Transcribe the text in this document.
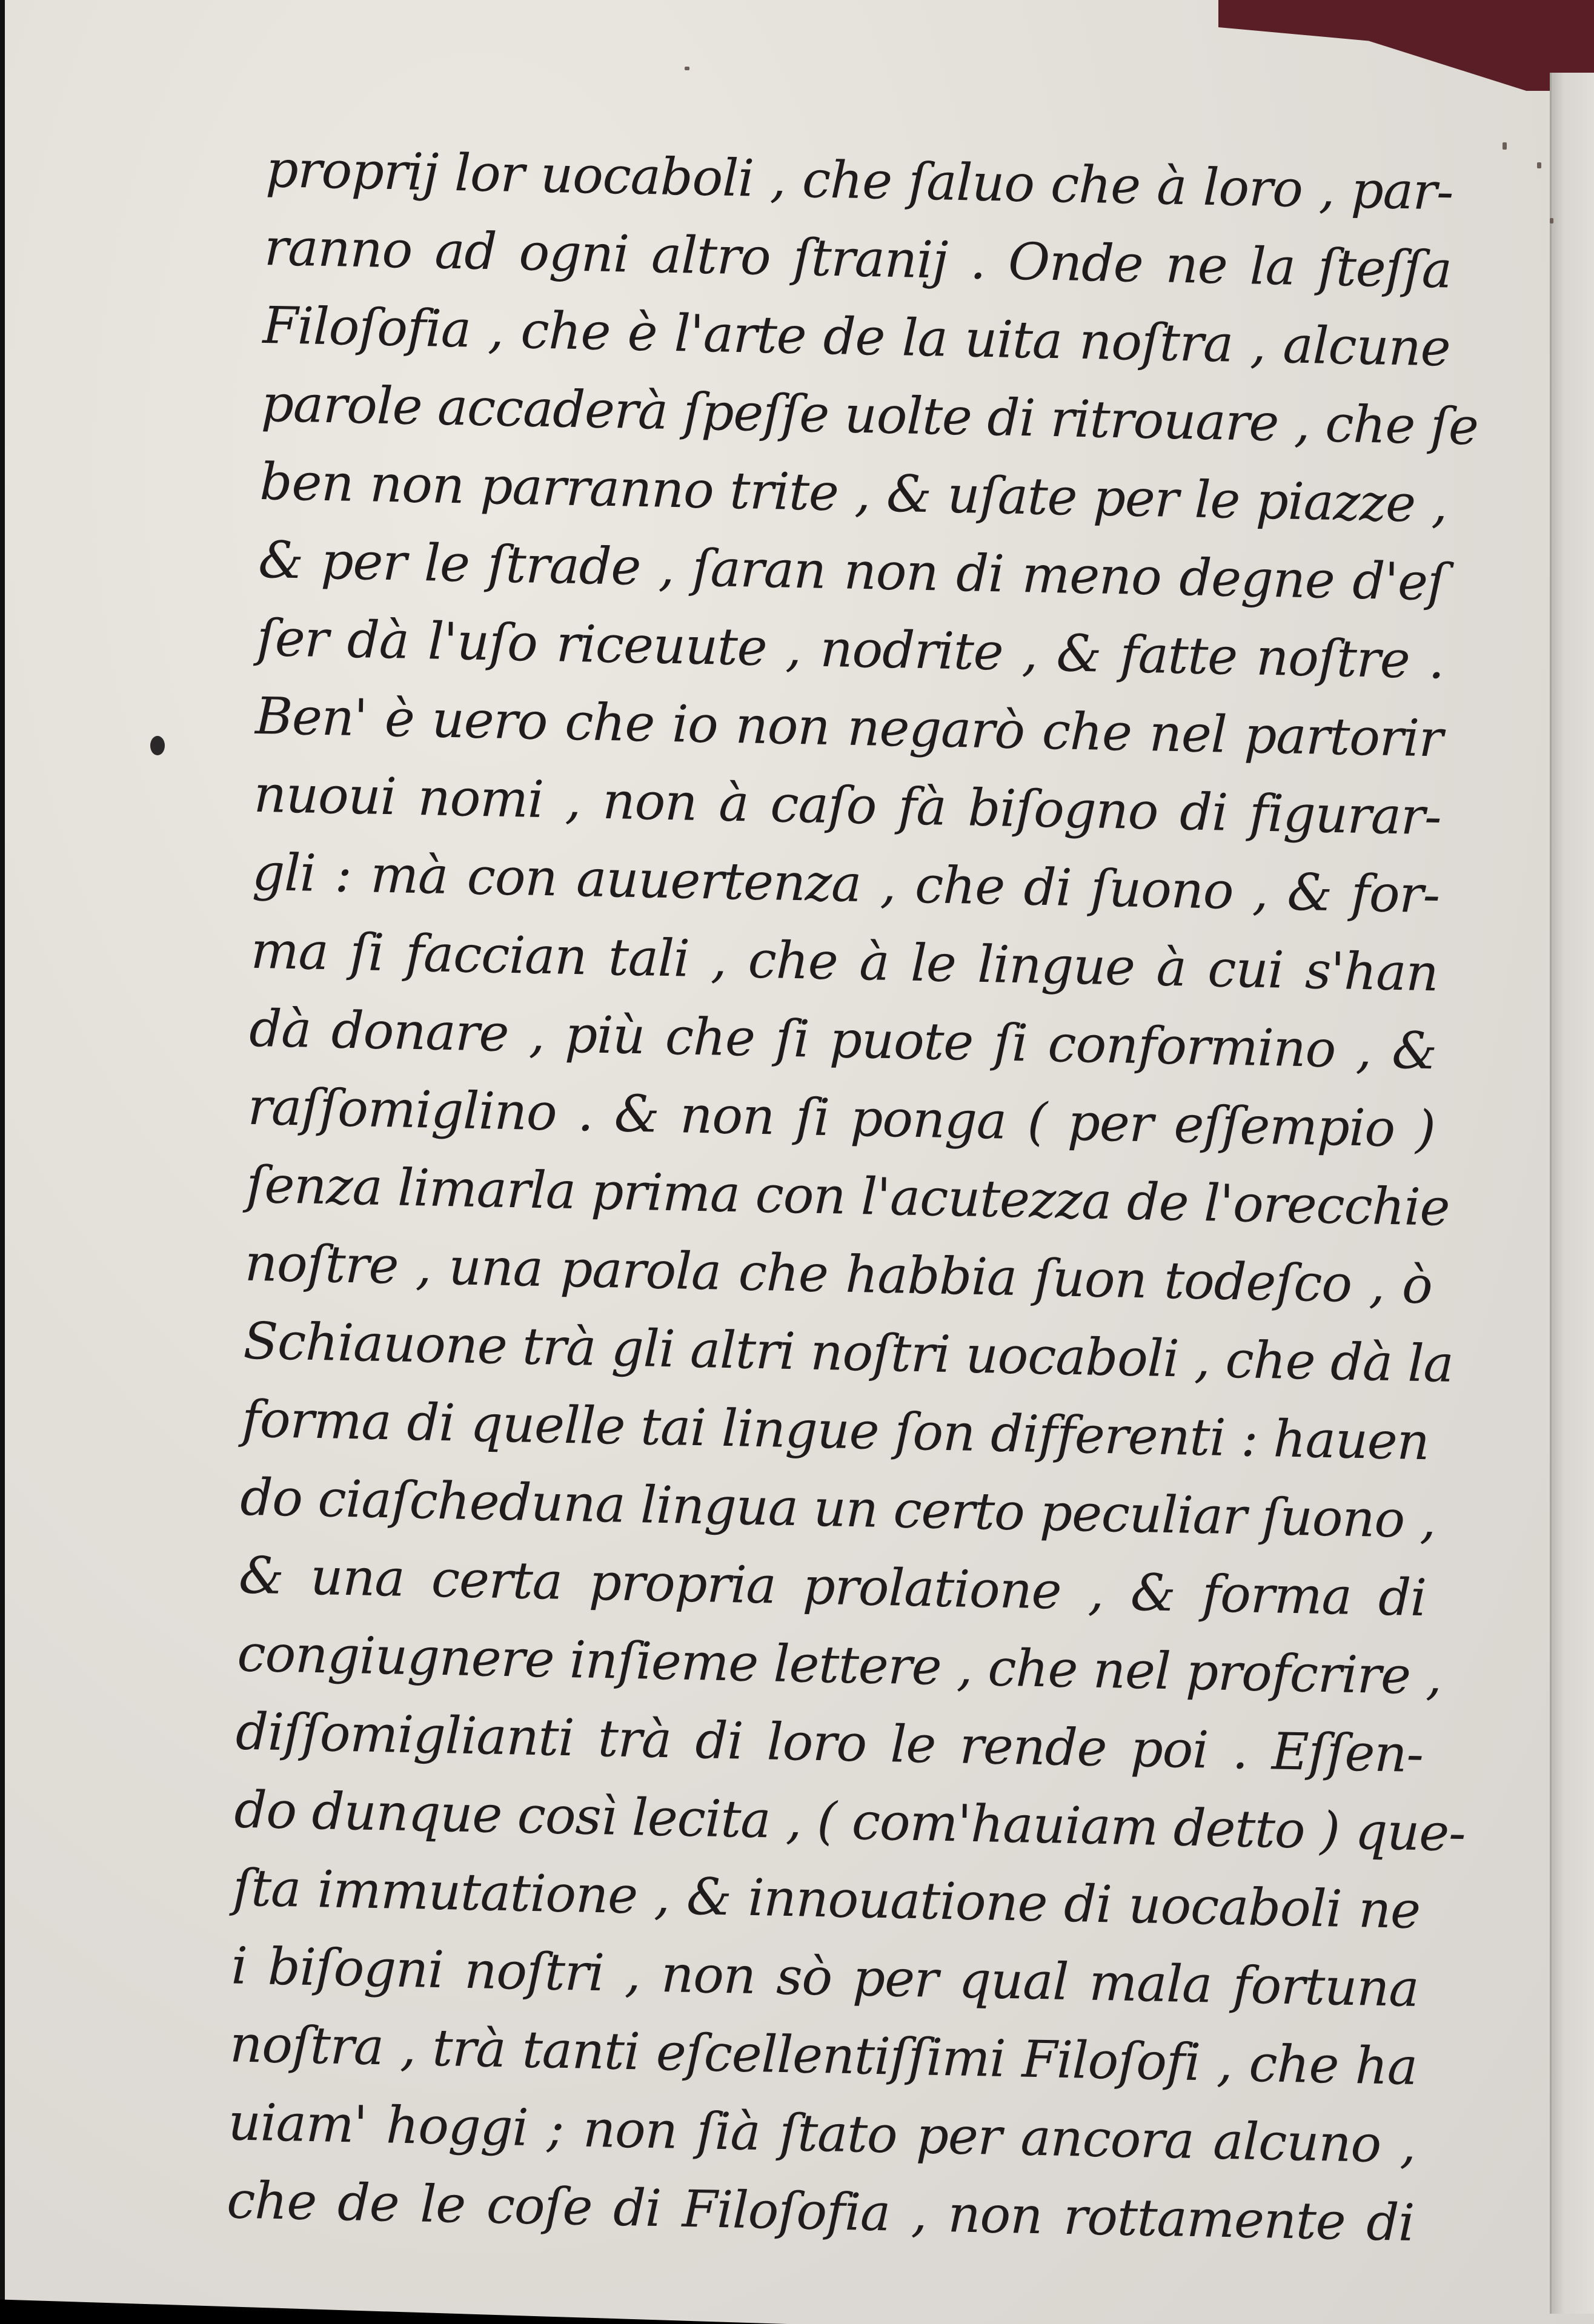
proprij lor uocaboli , che ſaluo che à loro , par-
ranno ad ogni altro ſtranij . Onde ne la ſteſſa
Filoſofia , che è l'arte de la uita noſtra , alcune
parole accaderà ſpeſſe uolte di ritrouare , che ſe
ben non parranno trite , & uſate per le piazze ,
& per le ſtrade , ſaran non di meno degne d'eſ
ſer dà l'uſo riceuute , nodrite , & fatte noſtre .
Ben' è uero che io non negarò che nel partorir
nuoui nomi , non à caſo fà biſogno di figurar-
gli : mà con auuertenza , che di ſuono , & for-
ma ſi faccian tali , che à le lingue à cui s'han
dà donare , più che ſi puote ſi conformino , &
raſſomiglino . & non ſi ponga ( per eſſempio )
ſenza limarla prima con l'acutezza de l'orecchie
noſtre , una parola che habbia ſuon todeſco , ò
Schiauone trà gli altri noſtri uocaboli , che dà la
forma di quelle tai lingue ſon differenti : hauen
do ciaſcheduna lingua un certo peculiar ſuono ,
& una certa propria prolatione , & forma di
congiugnere inſieme lettere , che nel profcrire ,
diſſomiglianti trà di loro le rende poi . Eſſen-
do dunque così lecita , ( com'hauiam detto ) que-
ſta immutatione , & innouatione di uocaboli ne
i biſogni noſtri , non sò per qual mala fortuna
noſtra , trà tanti eſcellentiſſimi Filoſofi , che ha
uiam' hoggi ; non ſià ſtato per ancora alcuno ,
che de le coſe di Filoſofia , non rottamente di
